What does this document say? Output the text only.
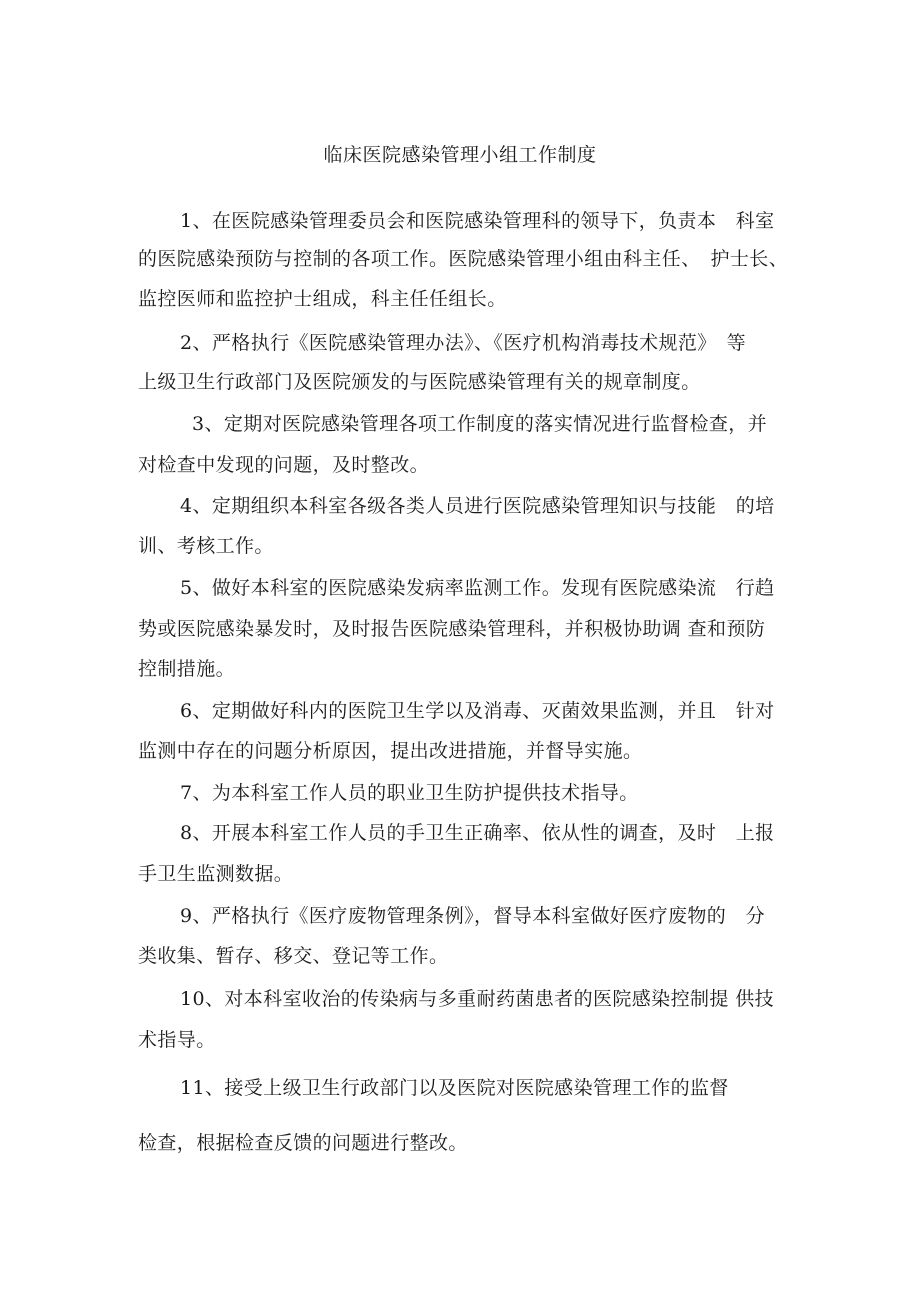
临床医院感染管理小组工作制度
1、在医院感染管理委员会和医院感染管理科的领导下，负责本　科室
的医院感染预防与控制的各项工作。医院感染管理小组由科主任、　护士长、
监控医师和监控护士组成，科主任任组长。
2、严格执行《医院感染管理办法》、《医疗机构消毒技术规范》　等
上级卫生行政部门及医院颁发的与医院感染管理有关的规章制度。
3、定期对医院感染管理各项工作制度的落实情况进行监督检查，并
对检查中发现的问题，及时整改。
4、定期组织本科室各级各类人员进行医院感染管理知识与技能　的培
训、考核工作。
5、做好本科室的医院感染发病率监测工作。发现有医院感染流　行趋
势或医院感染暴发时，及时报告医院感染管理科，并积极协助调 查和预防
控制措施。
6、定期做好科内的医院卫生学以及消毒、灭菌效果监测，并且　针对
监测中存在的问题分析原因，提出改进措施，并督导实施。
7、为本科室工作人员的职业卫生防护提供技术指导。
8、开展本科室工作人员的手卫生正确率、依从性的调查，及时　上报
手卫生监测数据。
9、严格执行《医疗废物管理条例》，督导本科室做好医疗废物的　分
类收集、暂存、移交、登记等工作。
10、对本科室收治的传染病与多重耐药菌患者的医院感染控制提 供技
术指导。
11、接受上级卫生行政部门以及医院对医院感染管理工作的监督
检查，根据检查反馈的问题进行整改。
